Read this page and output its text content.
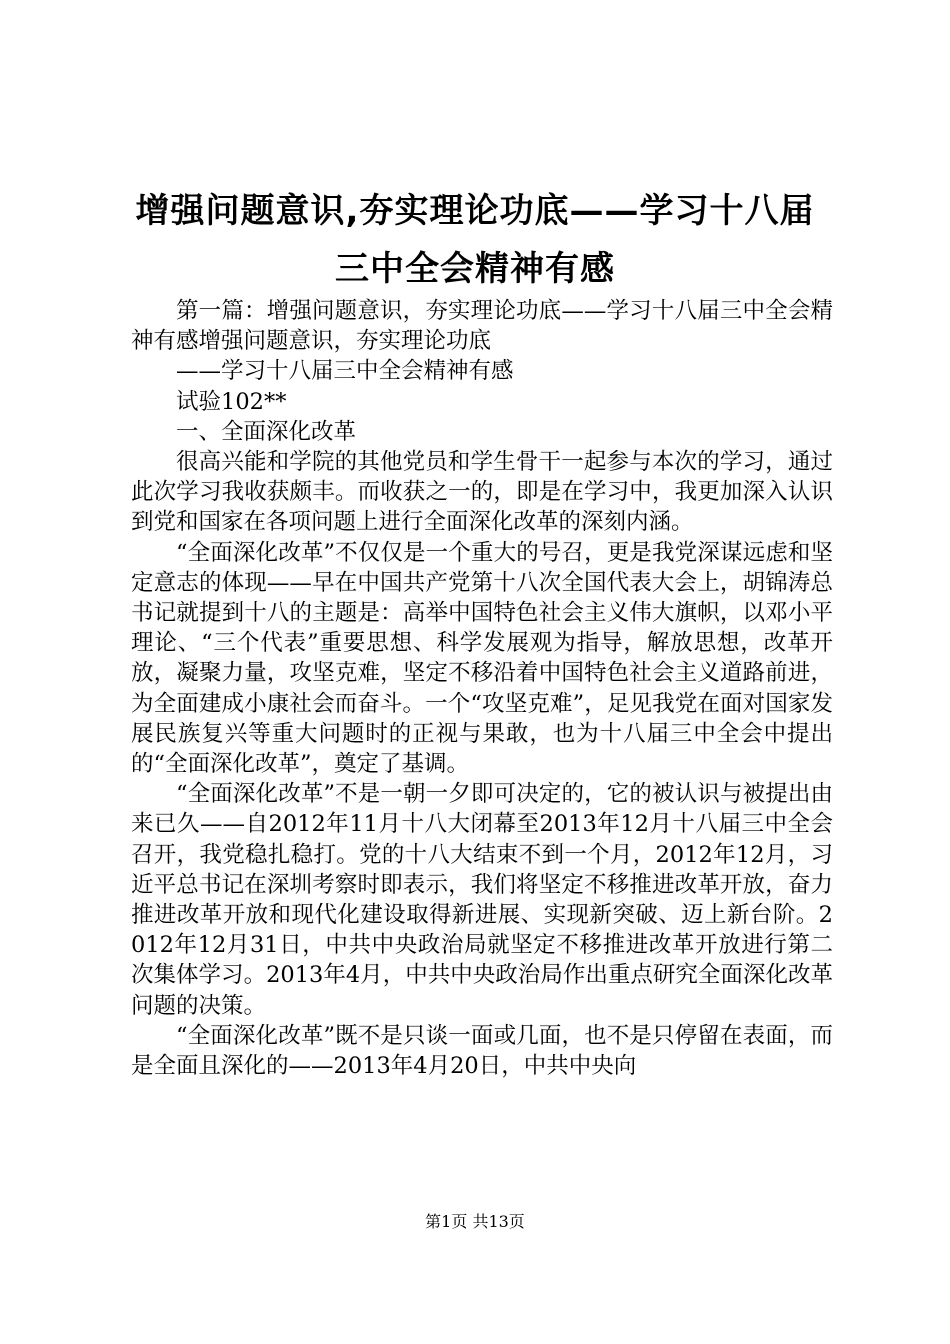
增强问题意识,夯实理论功底——学习十八届
三中全会精神有感

第一篇：增强问题意识，夯实理论功底——学习十八届三中全会精神有感增强问题意识，夯实理论功底

——学习十八届三中全会精神有感

试验102**

一、全面深化改革

很高兴能和学院的其他党员和学生骨干一起参与本次的学习，通过此次学习我收获颇丰。而收获之一的，即是在学习中，我更加深入认识到党和国家在各项问题上进行全面深化改革的深刻内涵。

“全面深化改革”不仅仅是一个重大的号召，更是我党深谋远虑和坚定意志的体现——早在中国共产党第十八次全国代表大会上，胡锦涛总书记就提到十八的主题是：高举中国特色社会主义伟大旗帜，以邓小平理论、“三个代表”重要思想、科学发展观为指导，解放思想，改革开放，凝聚力量，攻坚克难，坚定不移沿着中国特色社会主义道路前进，为全面建成小康社会而奋斗。一个“攻坚克难”，足见我党在面对国家发展民族复兴等重大问题时的正视与果敢，也为十八届三中全会中提出的“全面深化改革”，奠定了基调。

“全面深化改革”不是一朝一夕即可决定的，它的被认识与被提出由来已久——自2012年11月十八大闭幕至2013年12月十八届三中全会召开，我党稳扎稳打。党的十八大结束不到一个月，2012年12月，习近平总书记在深圳考察时即表示，我们将坚定不移推进改革开放，奋力推进改革开放和现代化建设取得新进展、实现新突破、迈上新台阶。2012年12月31日，中共中央政治局就坚定不移推进改革开放进行第二次集体学习。2013年4月，中共中央政治局作出重点研究全面深化改革问题的决策。

“全面深化改革”既不是只谈一面或几面，也不是只停留在表面，而是全面且深化的——2013年4月20日，中共中央向

第1页 共13页
